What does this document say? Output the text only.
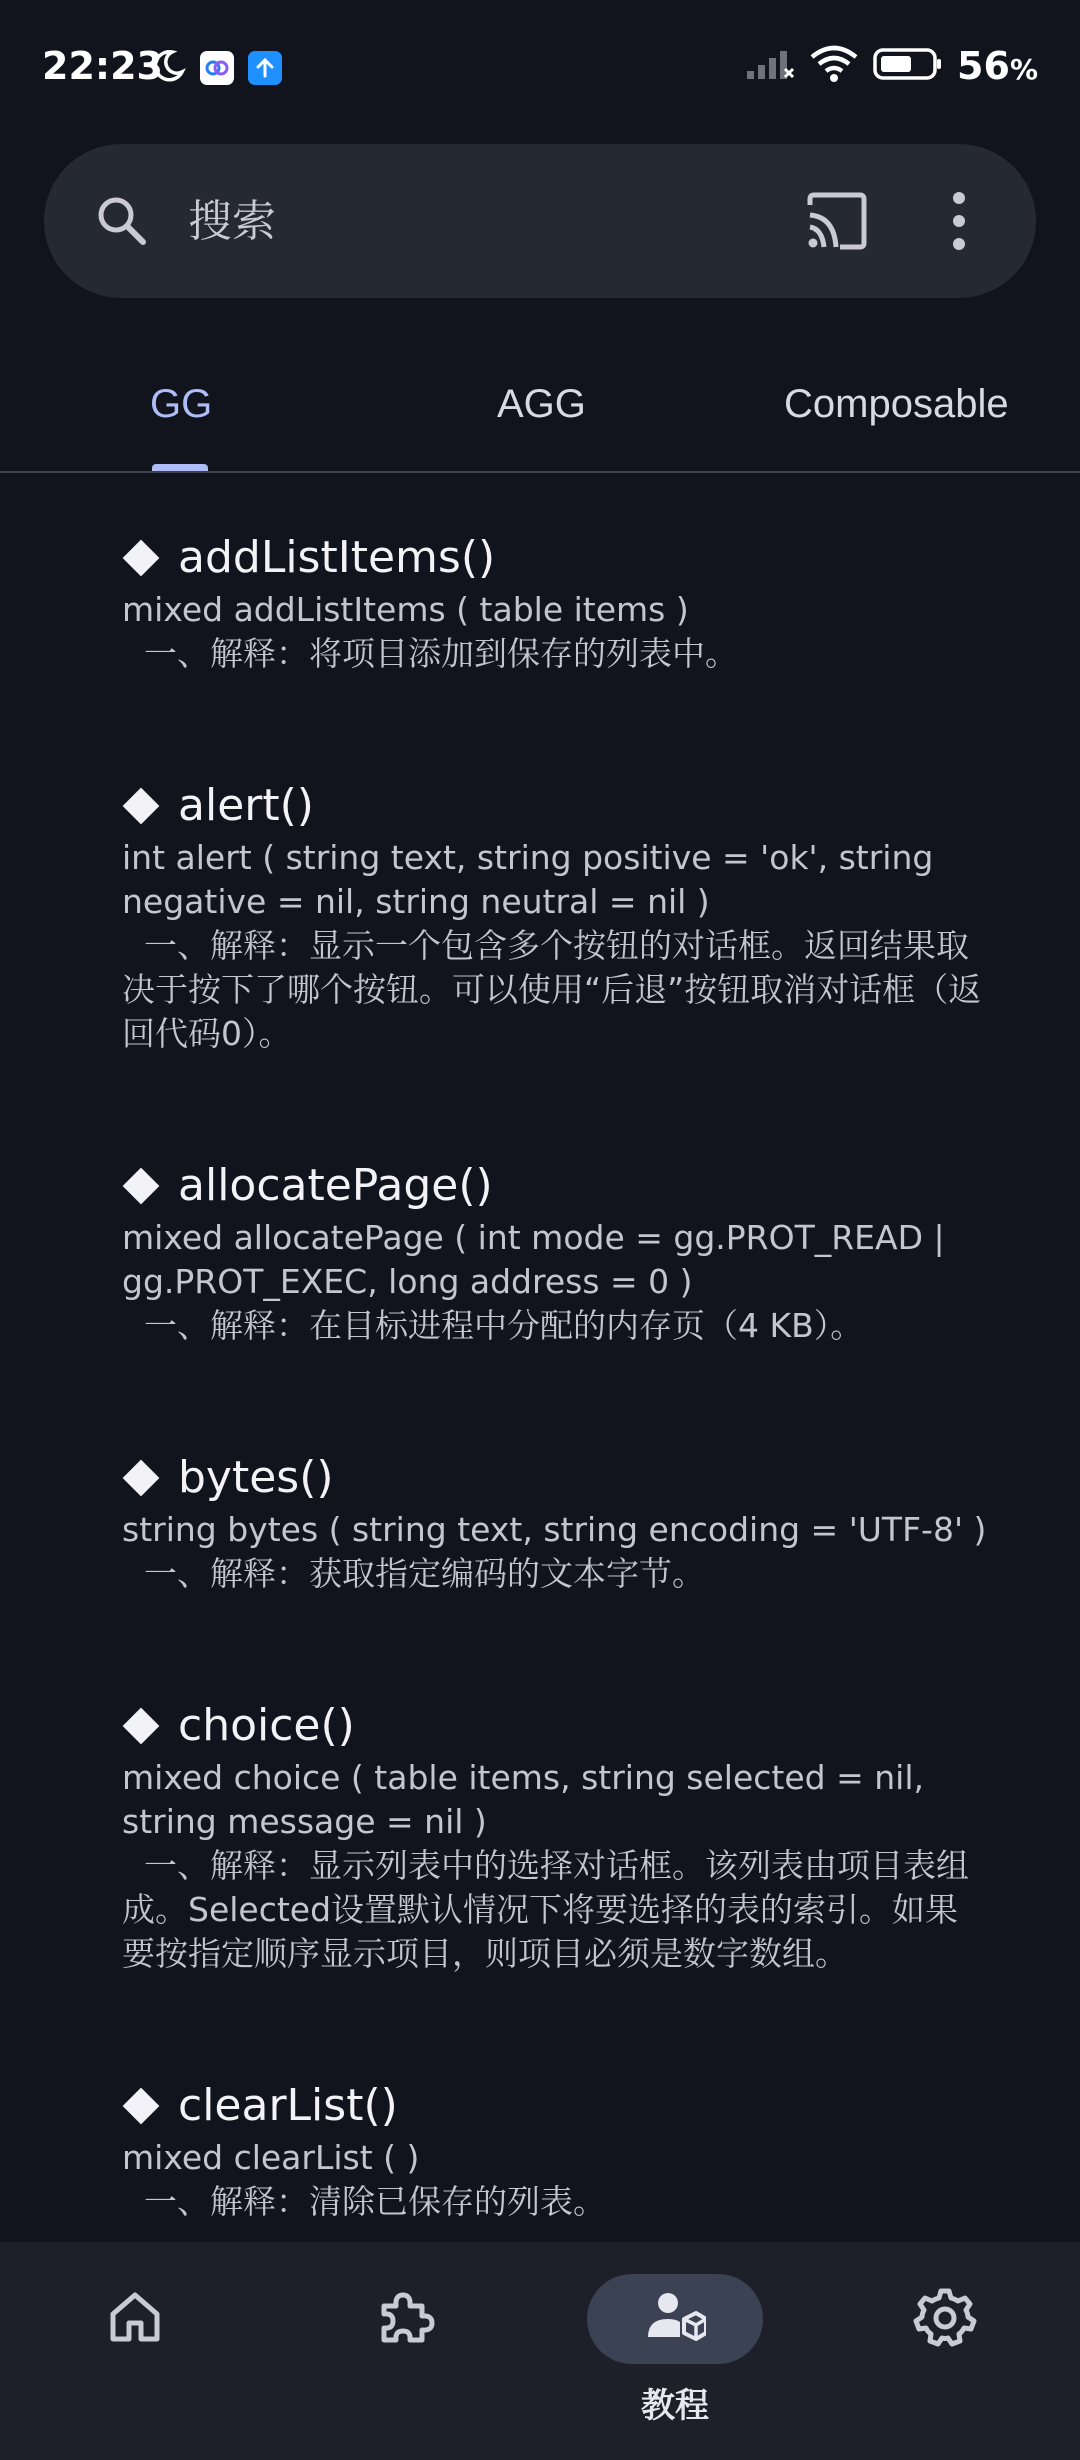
22:23	56%
搜索
GG	AGG	Composable
addListItems()
mixed addListItems ( table items )
一、解释：将项目添加到保存的列表中。
alert()
int alert ( string text, string positive = 'ok', string
negative = nil, string neutral = nil )
一、解释：显示一个包含多个按钮的对话框。返回结果取
决于按下了哪个按钮。可以使用“后退”按钮取消对话框（返
回代码0）。
allocatePage()
mixed allocatePage ( int mode = gg.PROT_READ |
gg.PROT_EXEC, long address = 0 )
一、解释：在目标进程中分配的内存页（4 KB）。
bytes()
string bytes ( string text, string encoding = 'UTF-8' )
一、解释：获取指定编码的文本字节。
choice()
mixed choice ( table items, string selected = nil,
string message = nil )
一、解释：显示列表中的选择对话框。该列表由项目表组
成。Selected设置默认情况下将要选择的表的索引。如果
要按指定顺序显示项目，则项目必须是数字数组。
clearList()
mixed clearList ( )
一、解释：清除已保存的列表。
教程
